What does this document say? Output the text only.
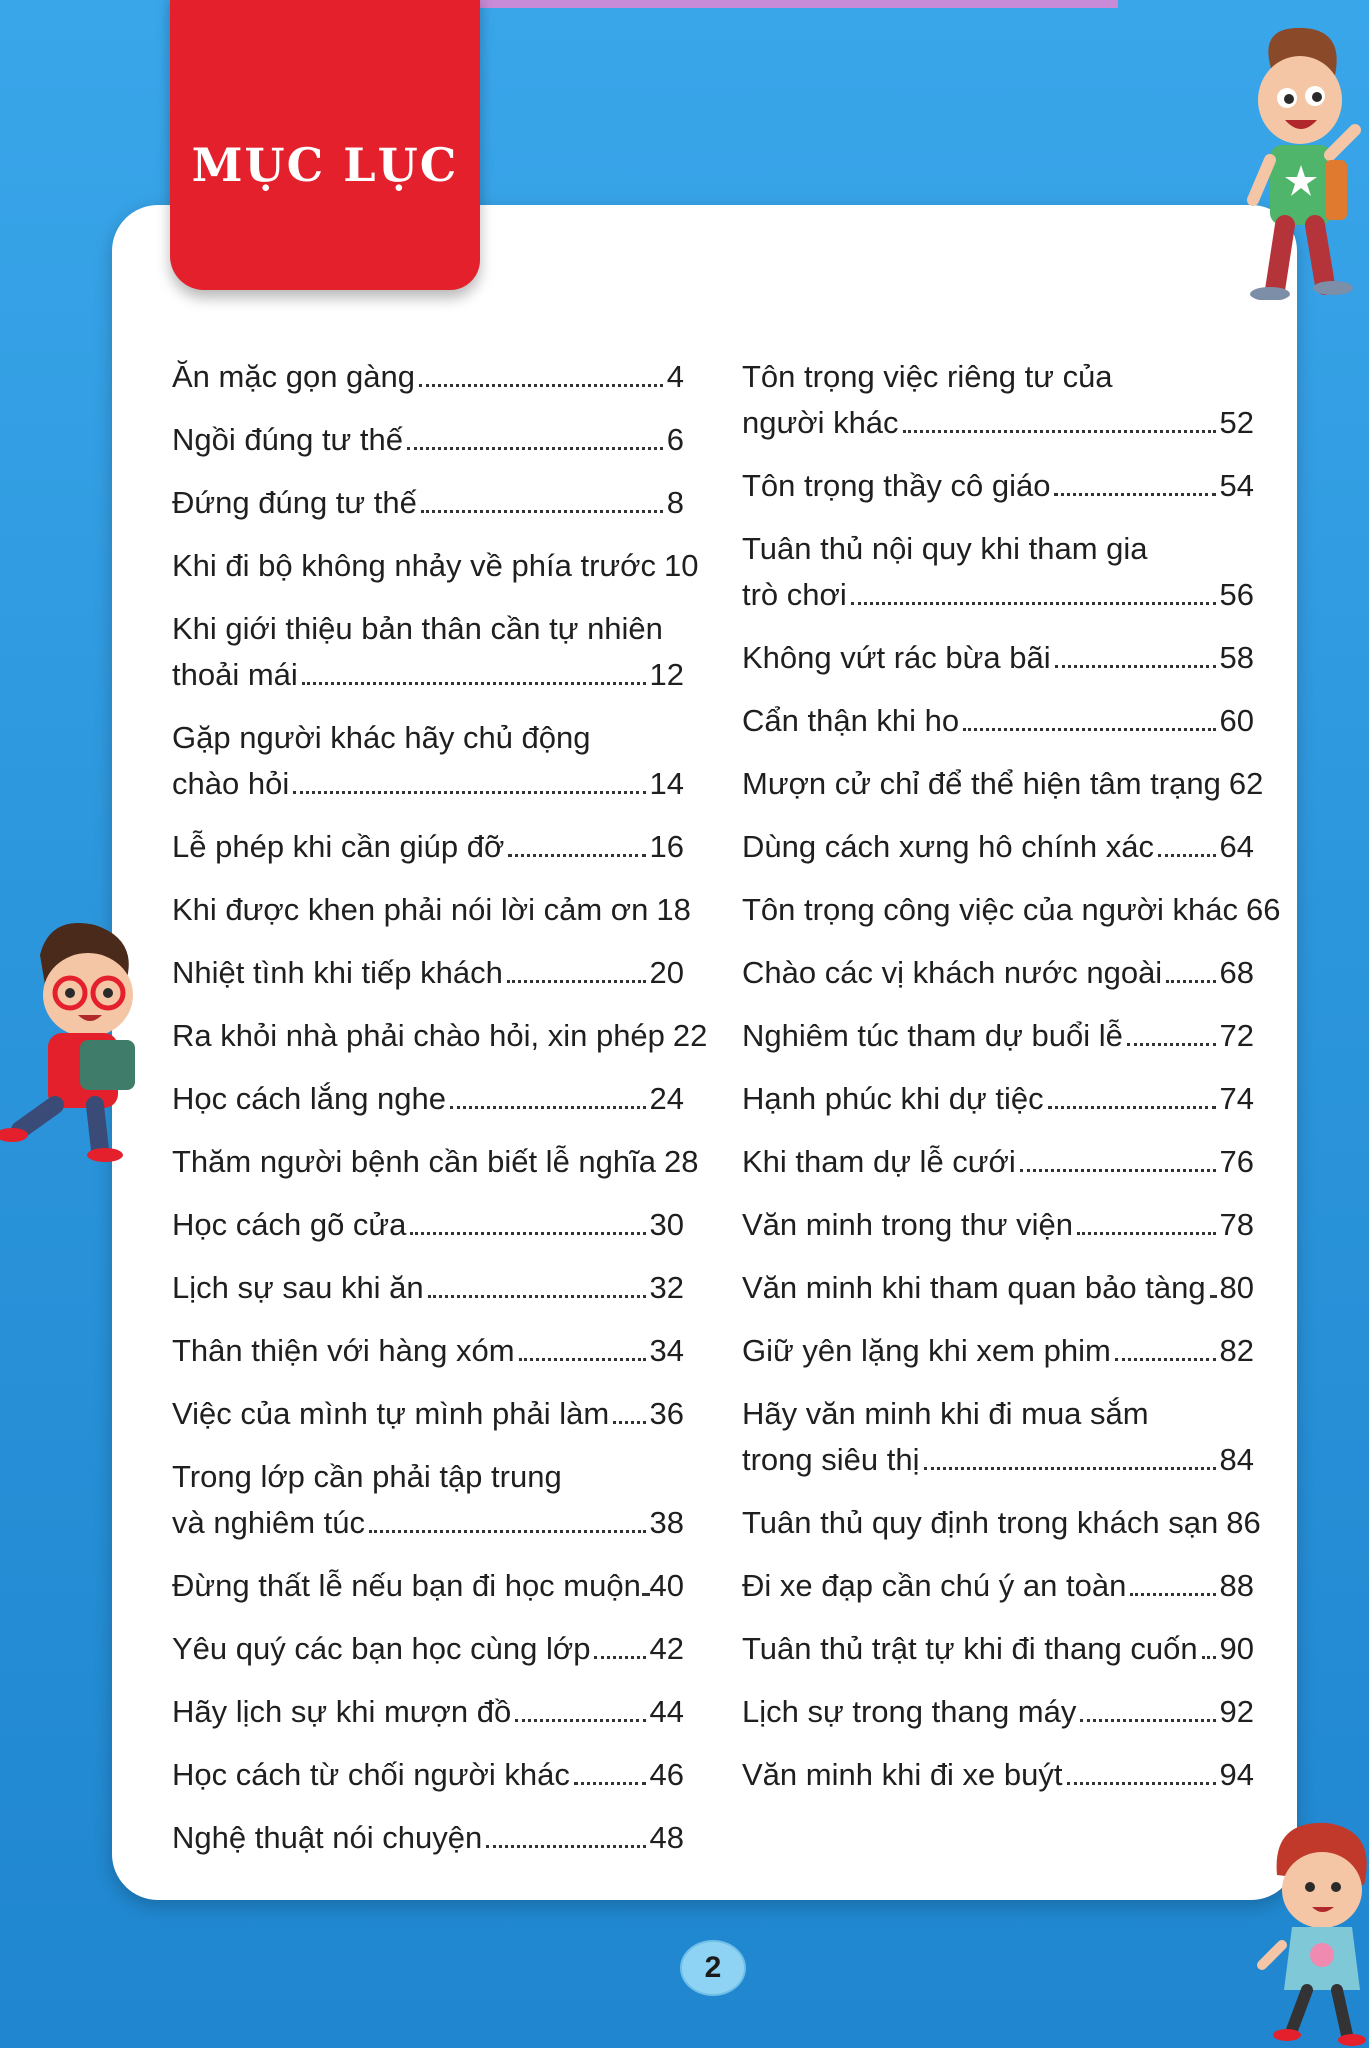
MỤC LỤC
Ăn mặc gọn gàng	4
Ngồi đúng tư thế	6
Đứng đúng tư thế	8
Khi đi bộ không nhảy về phía trước 10
Khi giới thiệu bản thân cần tự nhiên
thoải mái	12
Gặp người khác hãy chủ động
chào hỏi	14
Lễ phép khi cần giúp đỡ	16
Khi được khen phải nói lời cảm ơn 18
Nhiệt tình khi tiếp khách	20
Ra khỏi nhà phải chào hỏi, xin phép 22
Học cách lắng nghe	24
Thăm người bệnh cần biết lễ nghĩa 28
Học cách gõ cửa	30
Lịch sự sau khi ăn	32
Thân thiện với hàng xóm	34
Việc của mình tự mình phải làm 36
Trong lớp cần phải tập trung
và nghiêm túc	38
Đừng thất lễ nếu bạn đi học muộn 40
Yêu quý các bạn học cùng lớp 42
Hãy lịch sự khi mượn đồ	44
Học cách từ chối người khác	46
Nghệ thuật nói chuyện	48
Tôn trọng việc riêng tư của
người khác	52
Tôn trọng thầy cô giáo	54
Tuân thủ nội quy khi tham gia
trò chơi	56
Không vứt rác bừa bãi	58
Cẩn thận khi ho	60
Mượn cử chỉ để thể hiện tâm trạng 62
Dùng cách xưng hô chính xác 64
Tôn trọng công việc của người khác 66
Chào các vị khách nước ngoài 68
Nghiêm túc tham dự buổi lễ	72
Hạnh phúc khi dự tiệc	74
Khi tham dự lễ cưới	76
Văn minh trong thư viện	78
Văn minh khi tham quan bảo tàng 80
Giữ yên lặng khi xem phim	82
Hãy văn minh khi đi mua sắm
trong siêu thị	84
Tuân thủ quy định trong khách sạn 86
Đi xe đạp cần chú ý an toàn	88
Tuân thủ trật tự khi đi thang cuốn 90
Lịch sự trong thang máy	92
Văn minh khi đi xe buýt	94
2
